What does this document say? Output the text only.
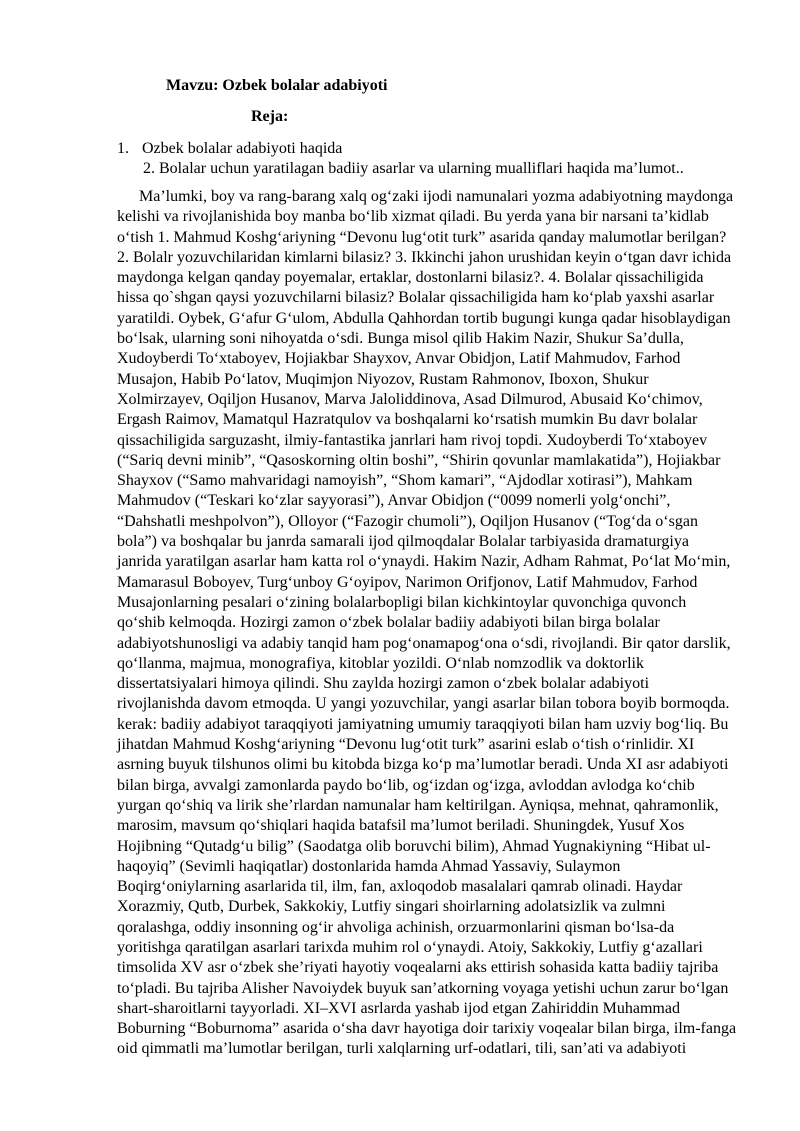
Mavzu: Ozbek bolalar adabiyoti
Reja:
1. Ozbek bolalar adabiyoti haqida
2. Bolalar uchun yaratilagan badiiy asarlar va ularning mualliflari haqida ma’lumot..
Ma’lumki, boy va rang-barang xalq og‘zaki ijodi namunalari yozma adabiyotning maydonga
kelishi va rivojlanishida boy manba bo‘lib xizmat qiladi. Bu yerda yana bir narsani ta’kidlab
o‘tish 1. Mahmud Koshg‘ariyning “Devonu lug‘otit turk” asarida qanday malumotlar berilgan?
2. Bolalr yozuvchilaridan kimlarni bilasiz? 3. Ikkinchi jahon urushidan keyin o‘tgan davr ichida
maydonga kelgan qanday poyemalar, ertaklar, dostonlarni bilasiz?. 4. Bolalar qissachiligida
hissa qo`shgan qaysi yozuvchilarni bilasiz? Bolalar qissachiligida ham ko‘plab yaxshi asarlar
yaratildi. Oybek, G‘afur G‘ulom, Abdulla Qahhordan tortib bugungi kunga qadar hisoblaydigan
bo‘lsak, ularning soni nihoyatda o‘sdi. Bunga misol qilib Hakim Nazir, Shukur Sa’dulla,
Xudoyberdi To‘xtaboyev, Hojiakbar Shayxov, Anvar Obidjon, Latif Mahmudov, Farhod
Musajon, Habib Po‘latov, Muqimjon Niyozov, Rustam Rahmonov, Iboxon, Shukur
Xolmirzayev, Oqiljon Husanov, Marva Jaloliddinova, Asad Dilmurod, Abusaid Ko‘chimov,
Ergash Raimov, Mamatqul Hazratqulov va boshqalarni ko‘rsatish mumkin Bu davr bolalar
qissachiligida sarguzasht, ilmiy-fantastika janrlari ham rivoj topdi. Xudoyberdi To‘xtaboyev
(“Sariq devni minib”, “Qasoskorning oltin boshi”, “Shirin qovunlar mamlakatida”), Hojiakbar
Shayxov (“Samo mahvaridagi namoyish”, “Shom kamari”, “Ajdodlar xotirasi”), Mahkam
Mahmudov (“Teskari ko‘zlar sayyorasi”), Anvar Obidjon (“0099 nomerli yolg‘onchi”,
“Dahshatli meshpolvon”), Olloyor (“Fazogir chumoli”), Oqiljon Husanov (“Tog‘da o‘sgan
bola”) va boshqalar bu janrda samarali ijod qilmoqdalar Bolalar tarbiyasida dramaturgiya
janrida yaratilgan asarlar ham katta rol o‘ynaydi. Hakim Nazir, Adham Rahmat, Po‘lat Mo‘min,
Mamarasul Boboyev, Turg‘unboy G‘oyipov, Narimon Orifjonov, Latif Mahmudov, Farhod
Musajonlarning pesalari o‘zining bolalarbopligi bilan kichkintoylar quvonchiga quvonch
qo‘shib kelmoqda. Hozirgi zamon o‘zbek bolalar badiiy adabiyoti bilan birga bolalar
adabiyotshunosligi va adabiy tanqid ham pog‘onamapog‘ona o‘sdi, rivojlandi. Bir qator darslik,
qo‘llanma, majmua, monografiya, kitoblar yozildi. O‘nlab nomzodlik va doktorlik
dissertatsiyalari himoya qilindi. Shu zaylda hozirgi zamon o‘zbek bolalar adabiyoti
rivojlanishda davom etmoqda. U yangi yozuvchilar, yangi asarlar bilan tobora boyib bormoqda.
kerak: badiiy adabiyot taraqqiyoti jamiyatning umumiy taraqqiyoti bilan ham uzviy bog‘liq. Bu
jihatdan Mahmud Koshg‘ariyning “Devonu lug‘otit turk” asarini eslab o‘tish o‘rinlidir. XI
asrning buyuk tilshunos olimi bu kitobda bizga ko‘p ma’lumotlar beradi. Unda XI asr adabiyoti
bilan birga, avvalgi zamonlarda paydo bo‘lib, og‘izdan og‘izga, avloddan avlodga ko‘chib
yurgan qo‘shiq va lirik she’rlardan namunalar ham keltirilgan. Ayniqsa, mehnat, qahramonlik,
marosim, mavsum qo‘shiqlari haqida batafsil ma’lumot beriladi. Shuningdek, Yusuf Xos
Hojibning “Qutadg‘u bilig” (Saodatga olib boruvchi bilim), Ahmad Yugnakiyning “Hibat ul-
haqoyiq” (Sevimli haqiqatlar) dostonlarida hamda Ahmad Yassaviy, Sulaymon
Boqirg‘oniylarning asarlarida til, ilm, fan, axloqodob masalalari qamrab olinadi. Haydar
Xorazmiy, Qutb, Durbek, Sakkokiy, Lutfiy singari shoirlarning adolatsizlik va zulmni
qoralashga, oddiy insonning og‘ir ahvoliga achinish, orzuarmonlarini qisman bo‘lsa-da
yoritishga qaratilgan asarlari tarixda muhim rol o‘ynaydi. Atoiy, Sakkokiy, Lutfiy g‘azallari
timsolida XV asr o‘zbek she’riyati hayotiy voqealarni aks ettirish sohasida katta badiiy tajriba
to‘pladi. Bu tajriba Alisher Navoiydek buyuk san’atkorning voyaga yetishi uchun zarur bo‘lgan
shart-sharoitlarni tayyorladi. XI–XVI asrlarda yashab ijod etgan Zahiriddin Muhammad
Boburning “Boburnoma” asarida o‘sha davr hayotiga doir tarixiy voqealar bilan birga, ilm-fanga
oid qimmatli ma’lumotlar berilgan, turli xalqlarning urf-odatlari, tili, san’ati va adabiyoti
